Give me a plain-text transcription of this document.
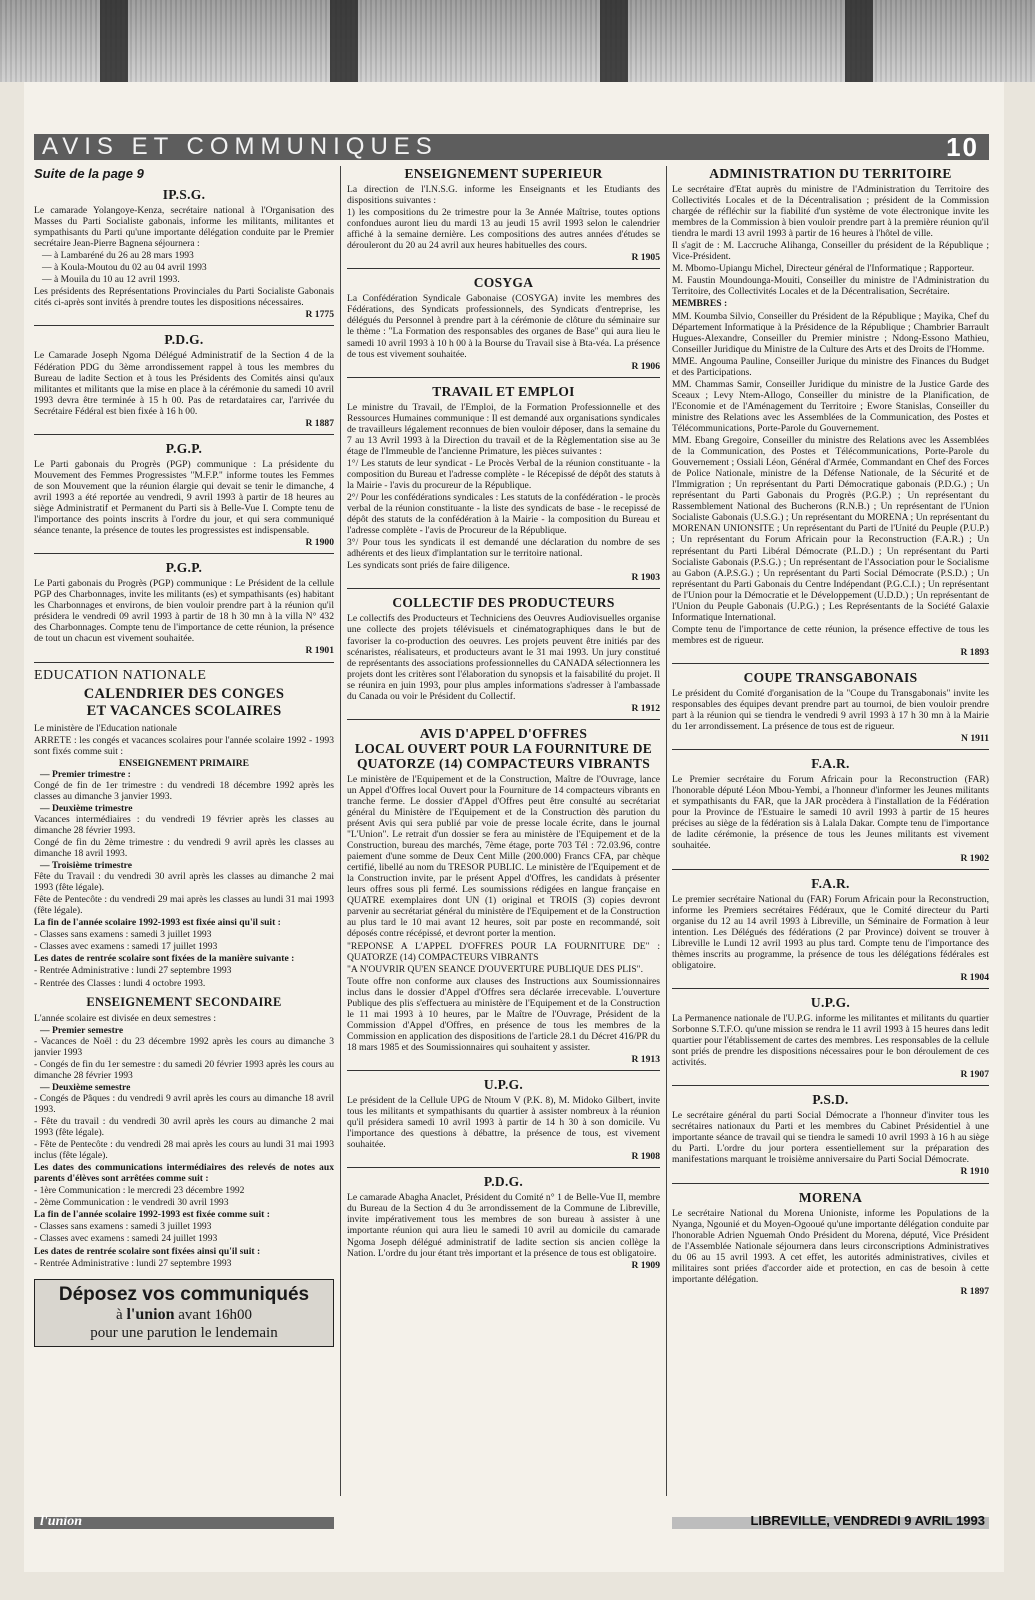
AVIS ET COMMUNIQUES	10
Suite de la page 9
IP.S.G.

Le camarade Yolangoye-Kenza, secrétaire national à l'Organisation des Masses du Parti Socialiste gabonais, informe les militants, militantes et sympathisants du Parti qu'une importante délégation conduite par le Premier secrétaire Jean-Pierre Bagnena séjournera :

— à Lambaréné du 26 au 28 mars 1993

— à Koula-Moutou du 02 au 04 avril 1993

— à Mouila du 10 au 12 avril 1993.

Les présidents des Représentations Provinciales du Parti Socialiste Gabonais cités ci-après sont invités à prendre toutes les dispositions nécessaires.

R 1775
P.D.G.

Le Camarade Joseph Ngoma Délégué Administratif de la Section 4 de la Fédération PDG du 3ème arrondissement rappel à tous les membres du Bureau de ladite Section et à tous les Présidents des Comités ainsi qu'aux militantes et militants que la mise en place à la cérémonie du samedi 10 avril 1993 devra être terminée à 15 h 00. Pas de retardataires car, l'arrivée du Secrétaire Fédéral est bien fixée à 16 h 00.

R 1887
P.G.P.

Le Parti gabonais du Progrès (PGP) communique : La présidente du Mouvement des Femmes Progressistes "M.F.P." informe toutes les Femmes de son Mouvement que la réunion élargie qui devait se tenir le dimanche, 4 avril 1993 a été reportée au vendredi, 9 avril 1993 à partir de 18 heures au siège Administratif et Permanent du Parti sis à Belle-Vue I. Compte tenu de l'importance des points inscrits à l'ordre du jour, et qui sera communiqué séance tenante, la présence de toutes les progressistes est indispensable.

R 1900
P.G.P.

Le Parti gabonais du Progrès (PGP) communique : Le Président de la cellule PGP des Charbonnages, invite les militants (es) et sympathisants (es) habitant les Charbonnages et environs, de bien vouloir prendre part à la réunion qu'il présidera le vendredi 09 avril 1993 à partir de 18 h 30 mn à la villa N° 432 des Charbonnages. Compte tenu de l'importance de cette réunion, la présence de tout un chacun est vivement souhaitée.

R 1901
EDUCATION NATIONALE
CALENDRIER DES CONGES
ET VACANCES SCOLAIRES

Le ministère de l'Education nationale

ARRETE : les congés et vacances scolaires pour l'année scolaire 1992 - 1993 sont fixés comme suit :

ENSEIGNEMENT PRIMAIRE
— Premier trimestre :

Congé de fin de 1er trimestre : du vendredi 18 décembre 1992 après les classes au dimanche 3 janvier 1993.

— Deuxième trimestre

Vacances intermédiaires : du vendredi 19 février après les classes au dimanche 28 février 1993.

Congé de fin du 2ème trimestre : du vendredi 9 avril après les classes au dimanche 18 avril 1993.

— Troisième trimestre

Fête du Travail : du vendredi 30 avril après les classes au dimanche 2 mai 1993 (fête légale).

Fête de Pentecôte : du vendredi 29 mai après les classes au lundi 31 mai 1993 (fête légale).

La fin de l'année scolaire 1992-1993 est fixée ainsi qu'il suit :

- Classes sans examens : samedi 3 juillet 1993

- Classes avec examens : samedi 17 juillet 1993

Les dates de rentrée scolaire sont fixées de la manière suivante :

- Rentrée Administrative : lundi 27 septembre 1993

- Rentrée des Classes : lundi 4 octobre 1993.

ENSEIGNEMENT SECONDAIRE

L'année scolaire est divisée en deux semestres :

— Premier semestre

- Vacances de Noël : du 23 décembre 1992 après les cours au dimanche 3 janvier 1993

- Congés de fin du 1er semestre : du samedi 20 février 1993 après les cours au dimanche 28 février 1993

— Deuxième semestre

- Congés de Pâques : du vendredi 9 avril après les cours au dimanche 18 avril 1993.

- Fête du travail : du vendredi 30 avril après les cours au dimanche 2 mai 1993 (fête légale).

- Fête de Pentecôte : du vendredi 28 mai après les cours au lundi 31 mai 1993 inclus (fête légale).

Les dates des communications intermédiaires des relevés de notes aux parents d'élèves sont arrêtées comme suit :

- 1ère Communication : le mercredi 23 décembre 1992

- 2ème Communication : le vendredi 30 avril 1993

La fin de l'année scolaire 1992-1993 est fixée comme suit :

- Classes sans examens : samedi 3 juillet 1993

- Classes avec examens : samedi 24 juillet 1993

Les dates de rentrée scolaire sont fixées ainsi qu'il suit :

- Rentrée Administrative : lundi 27 septembre 1993

Déposez vos communiqués
à l'union avant 16h00
pour une parution le lendemain
ENSEIGNEMENT SUPERIEUR

La direction de l'I.N.S.G. informe les Enseignants et les Etudiants des dispositions suivantes :

1) les compositions du 2e trimestre pour la 3e Année Maîtrise, toutes options confondues auront lieu du mardi 13 au jeudi 15 avril 1993 selon le calendrier affiché à la semaine dernière. Les compositions des autres années d'études se dérouleront du 20 au 24 avril aux heures habituelles des cours.

R 1905
COSYGA

La Confédération Syndicale Gabonaise (COSYGA) invite les membres des Fédérations, des Syndicats professionnels, des Syndicats d'entreprise, les délégués du Personnel à prendre part à la cérémonie de clôture du séminaire sur le thème : "La Formation des responsables des organes de Base" qui aura lieu le samedi 10 avril 1993 à 10 h 00 à la Bourse du Travail sise à Bta-véa. La présence de tous est vivement souhaitée.

R 1906
TRAVAIL ET EMPLOI

Le ministre du Travail, de l'Emploi, de la Formation Professionnelle et des Ressources Humaines communique : Il est demandé aux organisations syndicales de travailleurs légalement reconnues de bien vouloir déposer, dans la semaine du 7 au 13 Avril 1993 à la Direction du travail et de la Règlementation sise au 3e étage de l'Immeuble de l'ancienne Primature, les pièces suivantes :

1°/ Les statuts de leur syndicat - Le Procès Verbal de la réunion constituante - la composition du Bureau et l'adresse complète - le Récepissé de dépôt des statuts à la Mairie - l'avis du procureur de la République.

2°/ Pour les confédérations syndicales : Les statuts de la confédération - le procès verbal de la réunion constituante - la liste des syndicats de base - le recepissé de dépôt des statuts de la confédération à la Mairie - la composition du Bureau et l'adresse complète - l'avis de Procureur de la République.

3°/ Pour tous les syndicats il est demandé une déclaration du nombre de ses adhérents et des lieux d'implantation sur le territoire national.

Les syndicats sont priés de faire diligence.

R 1903
COLLECTIF DES PRODUCTEURS

Le collectifs des Producteurs et Techniciens des Oeuvres Audiovisuelles organise une collecte des projets télévisuels et cinématographiques dans le but de favoriser la co-production des oeuvres. Les projets peuvent être initiés par des scénaristes, réalisateurs, et producteurs avant le 31 mai 1993. Un jury constitué de représentants des associations professionnelles du CANADA sélectionnera les projets dont les critères sont l'élaboration du synopsis et la faisabilité du projet. Il se réunira en juin 1993, pour plus amples informations s'adresser à l'ambassade du Canada ou voir le Président du Collectif.

R 1912
AVIS D'APPEL D'OFFRES
LOCAL OUVERT POUR LA FOURNITURE DE
QUATORZE (14) COMPACTEURS VIBRANTS

Le ministère de l'Equipement et de la Construction, Maître de l'Ouvrage, lance un Appel d'Offres local Ouvert pour la Fourniture de 14 compacteurs vibrants en tranche ferme. Le dossier d'Appel d'Offres peut être consulté au secrétariat général du Ministère de l'Equipement et de la Construction dès parution du présent Avis qui sera publié par voie de presse locale écrite, dans le journal "L'Union". Le retrait d'un dossier se fera au ministère de l'Equipement et de la Construction, bureau des marchés, 7ème étage, porte 703 Tél : 72.03.96, contre paiement d'une somme de Deux Cent Mille (200.000) Francs CFA, par chèque certifié, libellé au nom du TRESOR PUBLIC. Le ministère de l'Equipement et de la Construction invite, par le présent Appel d'Offres, les candidats à présenter leurs offres sous pli fermé. Les soumissions rédigées en langue française en QUATRE exemplaires dont UN (1) original et TROIS (3) copies devront parvenir au secrétariat général du ministère de l'Equipement et de la Construction au plus tard le 10 mai avant 12 heures, soit par poste en recommandé, soit déposés contre récépissé, et devront porter la mention.

"REPONSE A L'APPEL D'OFFRES POUR LA FOURNITURE DE" : QUATORZE (14) COMPACTEURS VIBRANTS

"A N'OUVRIR QU'EN SEANCE D'OUVERTURE PUBLIQUE DES PLIS".

Toute offre non conforme aux clauses des Instructions aux Soumissionnaires inclus dans le dossier d'Appel d'Offres sera déclarée irrecevable. L'ouverture Publique des plis s'effectuera au ministère de l'Equipement et de la Construction le 11 mai 1993 à 10 heures, par le Maître de l'Ouvrage, Président de la Commission d'Appel d'Offres, en présence de tous les membres de la Commission en application des dispositions de l'article 28.1 du Décret 416/PR du 18 mars 1985 et des Soumissionnaires qui souhaitent y assister.

R 1913
U.P.G.

Le président de la Cellule UPG de Ntoum V (P.K. 8), M. Midoko Gilbert, invite tous les militants et sympathisants du quartier à assister nombreux à la réunion qu'il présidera samedi 10 avril 1993 à partir de 14 h 30 à son domicile. Vu l'importance des questions à débattre, la présence de tous, est vivement souhaitée.

R 1908
P.D.G.

Le camarade Abagha Anaclet, Président du Comité n° 1 de Belle-Vue II, membre du Bureau de la Section 4 du 3e arrondissement de la Commune de Libreville, invite impérativement tous les membres de son bureau à assister à une importante réunion qui aura lieu le samedi 10 avril au domicile du camarade Ngoma Joseph délégué administratif de ladite section sis ancien collège la Nation. L'ordre du jour étant très important et la présence de tous est obligatoire.

R 1909
ADMINISTRATION DU TERRITOIRE

Le secrétaire d'Etat auprès du ministre de l'Administration du Territoire des Collectivités Locales et de la Décentralisation ; président de la Commission chargée de réfléchir sur la fiabilité d'un système de vote électronique invite les membres de la Commission à bien vouloir prendre part à la première réunion qu'il tiendra le mardi 13 avril 1993 à partir de 16 heures à l'hôtel de ville.

Il s'agit de : M. Laccruche Alihanga, Conseiller du président de la République ; Vice-Président.

M. Mbomo-Upiangu Michel, Directeur général de l'Informatique ; Rapporteur.

M. Faustin Moundounga-Mouiti, Conseiller du ministre de l'Administration du Territoire, des Collectivités Locales et de la Décentralisation, Secrétaire.

MEMBRES :

MM. Koumba Silvio, Conseiller du Président de la République ; Mayika, Chef du Département Informatique à la Présidence de la République ; Chambrier Barrault Hugues-Alexandre, Conseiller du Premier ministre ; Ndong-Essono Mathieu, Conseiller Juridique du Ministre de la Culture des Arts et des Droits de l'Homme.

MME. Angouma Pauline, Conseiller Jurique du ministre des Finances du Budget et des Participations.

MM. Chammas Samir, Conseiller Juridique du ministre de la Justice Garde des Sceaux ; Levy Ntem-Allogo, Conseiller du ministre de la Planification, de l'Economie et de l'Aménagement du Territoire ; Ewore Stanislas, Conseiller du ministre des Relations avec les Assemblées de la Communication, des Postes et Télécommunications, Porte-Parole du Gouvernement.

MM. Ebang Gregoire, Conseiller du ministre des Relations avec les Assemblées de la Communication, des Postes et Télécommunications, Porte-Parole du Gouvernement ; Ossiali Léon, Général d'Armée, Commandant en Chef des Forces de Police Nationale, ministre de la Défense Nationale, de la Sécurité et de l'Immigration ; Un représentant du Parti Démocratique gabonais (P.D.G.) ; Un représentant du Parti Gabonais du Progrès (P.G.P.) ; Un représentant du Rassemblement National des Bucherons (R.N.B.) ; Un représentant de l'Union Socialiste Gabonais (U.S.G.) ; Un représentant du MORENA ; Un représentant du MORENAN UNIONSITE ; Un représentant du Parti de l'Unité du Peuple (P.U.P.) ; Un représentant du Forum Africain pour la Reconstruction (F.A.R.) ; Un représentant du Parti Libéral Démocrate (P.L.D.) ; Un représentant du Parti Socialiste Gabonais (P.S.G.) ; Un représentant de l'Association pour le Socialisme au Gabon (A.P.S.G.) ; Un représentant du Parti Social Démocrate (P.S.D.) ; Un représentant du Parti Gabonais du Centre Indépendant (P.G.C.I.) ; Un représentant de l'Union pour la Démocratie et le Développement (U.D.D.) ; Un représentant de l'Union du Peuple Gabonais (U.P.G.) ; Les Représentants de la Société Galaxie Informatique International.

Compte tenu de l'importance de cette réunion, la présence effective de tous les membres est de rigueur.

R 1893
COUPE TRANSGABONAIS

Le président du Comité d'organisation de la "Coupe du Transgabonais" invite les responsables des équipes devant prendre part au tournoi, de bien vouloir prendre part à la réunion qui se tiendra le vendredi 9 avril 1993 à 17 h 30 mn à la Mairie du 1er arrondissement. La présence de tous est de rigueur.

N 1911
F.A.R.

Le Premier secrétaire du Forum Africain pour la Reconstruction (FAR) l'honorable député Léon Mbou-Yembi, a l'honneur d'informer les Jeunes militants et sympathisants du FAR, que la JAR procèdera à l'installation de la Fédération pour la Province de l'Estuaire le samedi 10 avril 1993 à partir de 15 heures précises au siège de la fédération sis à Lalala Dakar. Compte tenu de l'importance de ladite cérémonie, la présence de tous les Jeunes militants est vivement souhaitée.

R 1902
F.A.R.

Le premier secrétaire National du (FAR) Forum Africain pour la Reconstruction, informe les Premiers secrétaires Fédéraux, que le Comité directeur du Parti organise du 12 au 14 avril 1993 à Libreville, un Séminaire de Formation à leur intention. Les Délégués des fédérations (2 par Province) doivent se trouver à Libreville le Lundi 12 avril 1993 au plus tard. Compte tenu de l'importance des thèmes inscrits au programme, la présence de tous les délégations fédérales est obligatoire.

R 1904
U.P.G.

La Permanence nationale de l'U.P.G. informe les militantes et militants du quartier Sorbonne S.T.F.O. qu'une mission se rendra le 11 avril 1993 à 15 heures dans ledit quartier pour l'établissement de cartes des membres. Les responsables de la cellule sont priés de prendre les dispositions nécessaires pour le bon déroulement de ces activités.

R 1907
P.S.D.

Le secrétaire général du parti Social Démocrate a l'honneur d'inviter tous les secrétaires nationaux du Parti et les membres du Cabinet Présidentiel à une importante séance de travail qui se tiendra le samedi 10 avril 1993 à 16 h au siège du Parti. L'ordre du jour portera essentiellement sur la préparation des manifestations marquant le troisième anniversaire du Parti Social Démocrate.

R 1910
MORENA

Le secrétaire National du Morena Unioniste, informe les Populations de la Nyanga, Ngounié et du Moyen-Ogooué qu'une importante délégation conduite par l'honorable Adrien Nguemah Ondo Président du Morena, député, Vice Président de l'Assemblée Nationale séjournera dans leurs circonscriptions Administratives du 06 au 15 avril 1993. A cet effet, les autorités administratives, civiles et militaires sont priées d'accorder aide et protection, en cas de besoin à cette importante délégation.

R 1897
l'union	LIBREVILLE, VENDREDI 9 AVRIL 1993
